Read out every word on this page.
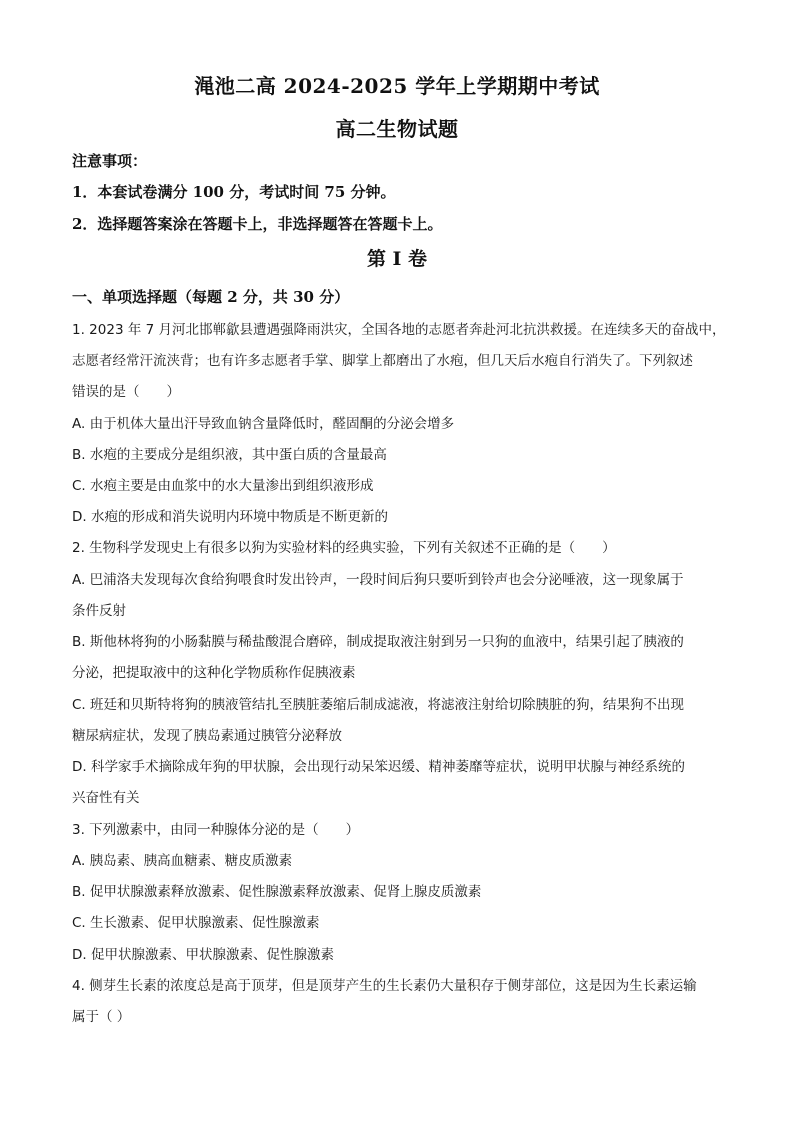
渑池二高 2024-2025 学年上学期期中考试
高二生物试题
注意事项：
1．本套试卷满分 100 分，考试时间 75 分钟。
2．选择题答案涂在答题卡上，非选择题答在答题卡上。
第 I 卷
一、单项选择题（每题 2 分，共 30 分）
1. 2023 年 7 月河北邯郸歙县遭遇强降雨洪灾，全国各地的志愿者奔赴河北抗洪救援。在连续多天的奋战中，
志愿者经常汗流浃背；也有许多志愿者手掌、脚掌上都磨出了水疱，但几天后水疱自行消失了。下列叙述
错误的是（　　）
A. 由于机体大量出汗导致血钠含量降低时，醛固酮的分泌会增多
B. 水疱的主要成分是组织液，其中蛋白质的含量最高
C. 水疱主要是由血浆中的水大量渗出到组织液形成
D. 水疱的形成和消失说明内环境中物质是不断更新的
2. 生物科学发现史上有很多以狗为实验材料的经典实验，下列有关叙述不正确的是（　　）
A. 巴浦洛夫发现每次食给狗喂食时发出铃声，一段时间后狗只要听到铃声也会分泌唾液，这一现象属于
条件反射
B. 斯他林将狗的小肠黏膜与稀盐酸混合磨碎，制成提取液注射到另一只狗的血液中，结果引起了胰液的
分泌，把提取液中的这种化学物质称作促胰液素
C. 班廷和贝斯特将狗的胰液管结扎至胰脏萎缩后制成滤液，将滤液注射给切除胰脏的狗，结果狗不出现
糖尿病症状，发现了胰岛素通过胰管分泌释放
D. 科学家手术摘除成年狗的甲状腺，会出现行动呆笨迟缓、精神萎靡等症状，说明甲状腺与神经系统的
兴奋性有关
3. 下列激素中，由同一种腺体分泌的是（　　）
A. 胰岛素、胰高血糖素、糖皮质激素
B. 促甲状腺激素释放激素、促性腺激素释放激素、促肾上腺皮质激素
C. 生长激素、促甲状腺激素、促性腺激素
D. 促甲状腺激素、甲状腺激素、促性腺激素
4. 侧芽生长素的浓度总是高于顶芽，但是顶芽产生的生长素仍大量积存于侧芽部位，这是因为生长素运输
属于（ ）
